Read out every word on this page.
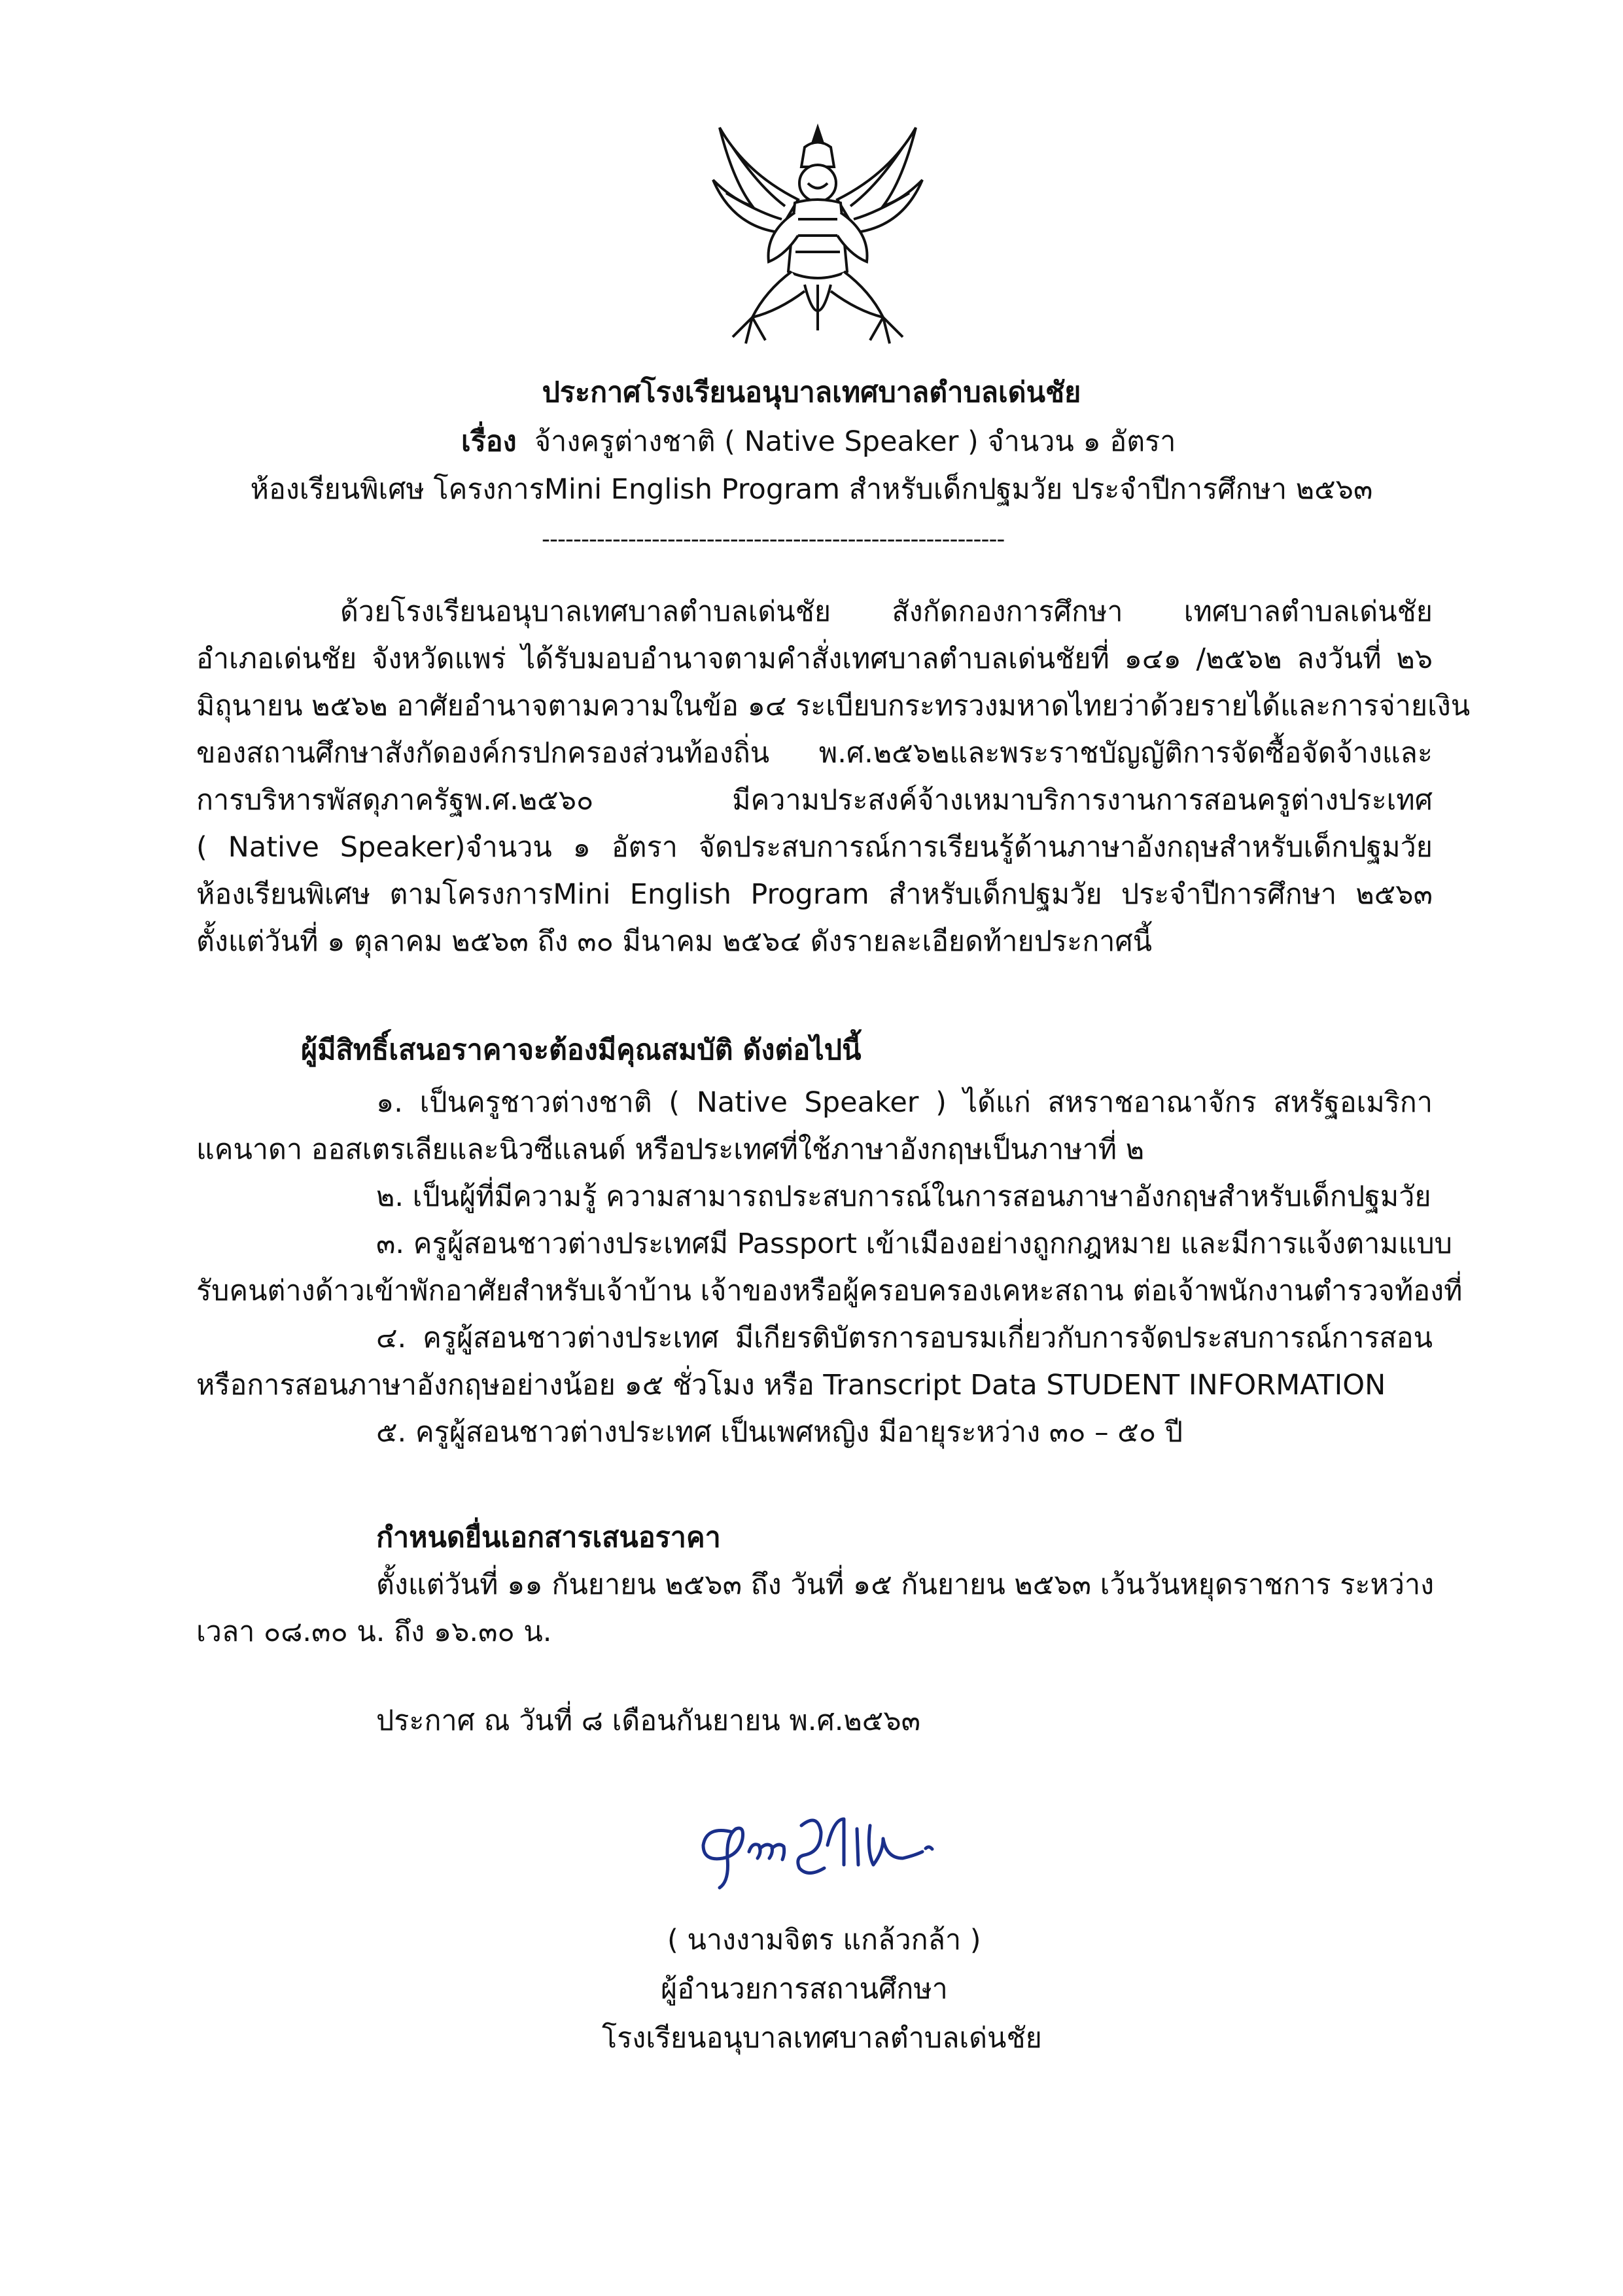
ประกาศโรงเรียนอนุบาลเทศบาลตำบลเด่นชัย
เรื่อง จ้างครูต่างชาติ ( Native Speaker ) จำนวน ๑ อัตรา
ห้องเรียนพิเศษ โครงการMini English Program สำหรับเด็กปฐมวัย ประจำปีการศึกษา ๒๕๖๓
-----------------------------------------------------------
ด้วยโรงเรียนอนุบาลเทศบาลตำบลเด่นชัย สังกัดกองการศึกษา เทศบาลตำบลเด่นชัย
อำเภอเด่นชัย จังหวัดแพร่ ได้รับมอบอำนาจตามคำสั่งเทศบาลตำบลเด่นชัยที่ ๑๔๑ /๒๕๖๒ ลงวันที่ ๒๖
มิถุนายน ๒๕๖๒ อาศัยอำนาจตามความในข้อ ๑๔ ระเบียบกระทรวงมหาดไทยว่าด้วยรายได้และการจ่ายเงิน
ของสถานศึกษาสังกัดองค์กรปกครองส่วนท้องถิ่น พ.ศ.๒๕๖๒และพระราชบัญญัติการจัดซื้อจัดจ้างและ
การบริหารพัสดุภาครัฐพ.ศ.๒๕๖๐ มีความประสงค์จ้างเหมาบริการงานการสอนครูต่างประเทศ
( Native Speaker)จำนวน ๑ อัตรา จัดประสบการณ์การเรียนรู้ด้านภาษาอังกฤษสำหรับเด็กปฐมวัย
ห้องเรียนพิเศษ ตามโครงการMini English Program สำหรับเด็กปฐมวัย ประจำปีการศึกษา ๒๕๖๓
ตั้งแต่วันที่ ๑ ตุลาคม ๒๕๖๓ ถึง ๓๐ มีนาคม ๒๕๖๔ ดังรายละเอียดท้ายประกาศนี้
ผู้มีสิทธิ์เสนอราคาจะต้องมีคุณสมบัติ ดังต่อไปนี้
๑. เป็นครูชาวต่างชาติ ( Native Speaker ) ได้แก่ สหราชอาณาจักร สหรัฐอเมริกา
แคนาดา ออสเตรเลียและนิวซีแลนด์ หรือประเทศที่ใช้ภาษาอังกฤษเป็นภาษาที่ ๒
๒. เป็นผู้ที่มีความรู้ ความสามารถประสบการณ์ในการสอนภาษาอังกฤษสำหรับเด็กปฐมวัย
๓. ครูผู้สอนชาวต่างประเทศมี Passport เข้าเมืองอย่างถูกกฎหมาย และมีการแจ้งตามแบบ
รับคนต่างด้าวเข้าพักอาศัยสำหรับเจ้าบ้าน เจ้าของหรือผู้ครอบครองเคหะสถาน ต่อเจ้าพนักงานตำรวจท้องที่
๔. ครูผู้สอนชาวต่างประเทศ มีเกียรติบัตรการอบรมเกี่ยวกับการจัดประสบการณ์การสอน
หรือการสอนภาษาอังกฤษอย่างน้อย ๑๕ ชั่วโมง หรือ Transcript Data STUDENT INFORMATION
๕. ครูผู้สอนชาวต่างประเทศ เป็นเพศหญิง มีอายุระหว่าง ๓๐ – ๕๐ ปี
กำหนดยื่นเอกสารเสนอราคา
ตั้งแต่วันที่ ๑๑ กันยายน ๒๕๖๓ ถึง วันที่ ๑๕ กันยายน ๒๕๖๓ เว้นวันหยุดราชการ ระหว่าง
เวลา ๐๘.๓๐ น. ถึง ๑๖.๓๐ น.
ประกาศ ณ วันที่ ๘ เดือนกันยายน พ.ศ.๒๕๖๓
( นางงามจิตร แกล้วกล้า )
ผู้อำนวยการสถานศึกษา
โรงเรียนอนุบาลเทศบาลตำบลเด่นชัย
